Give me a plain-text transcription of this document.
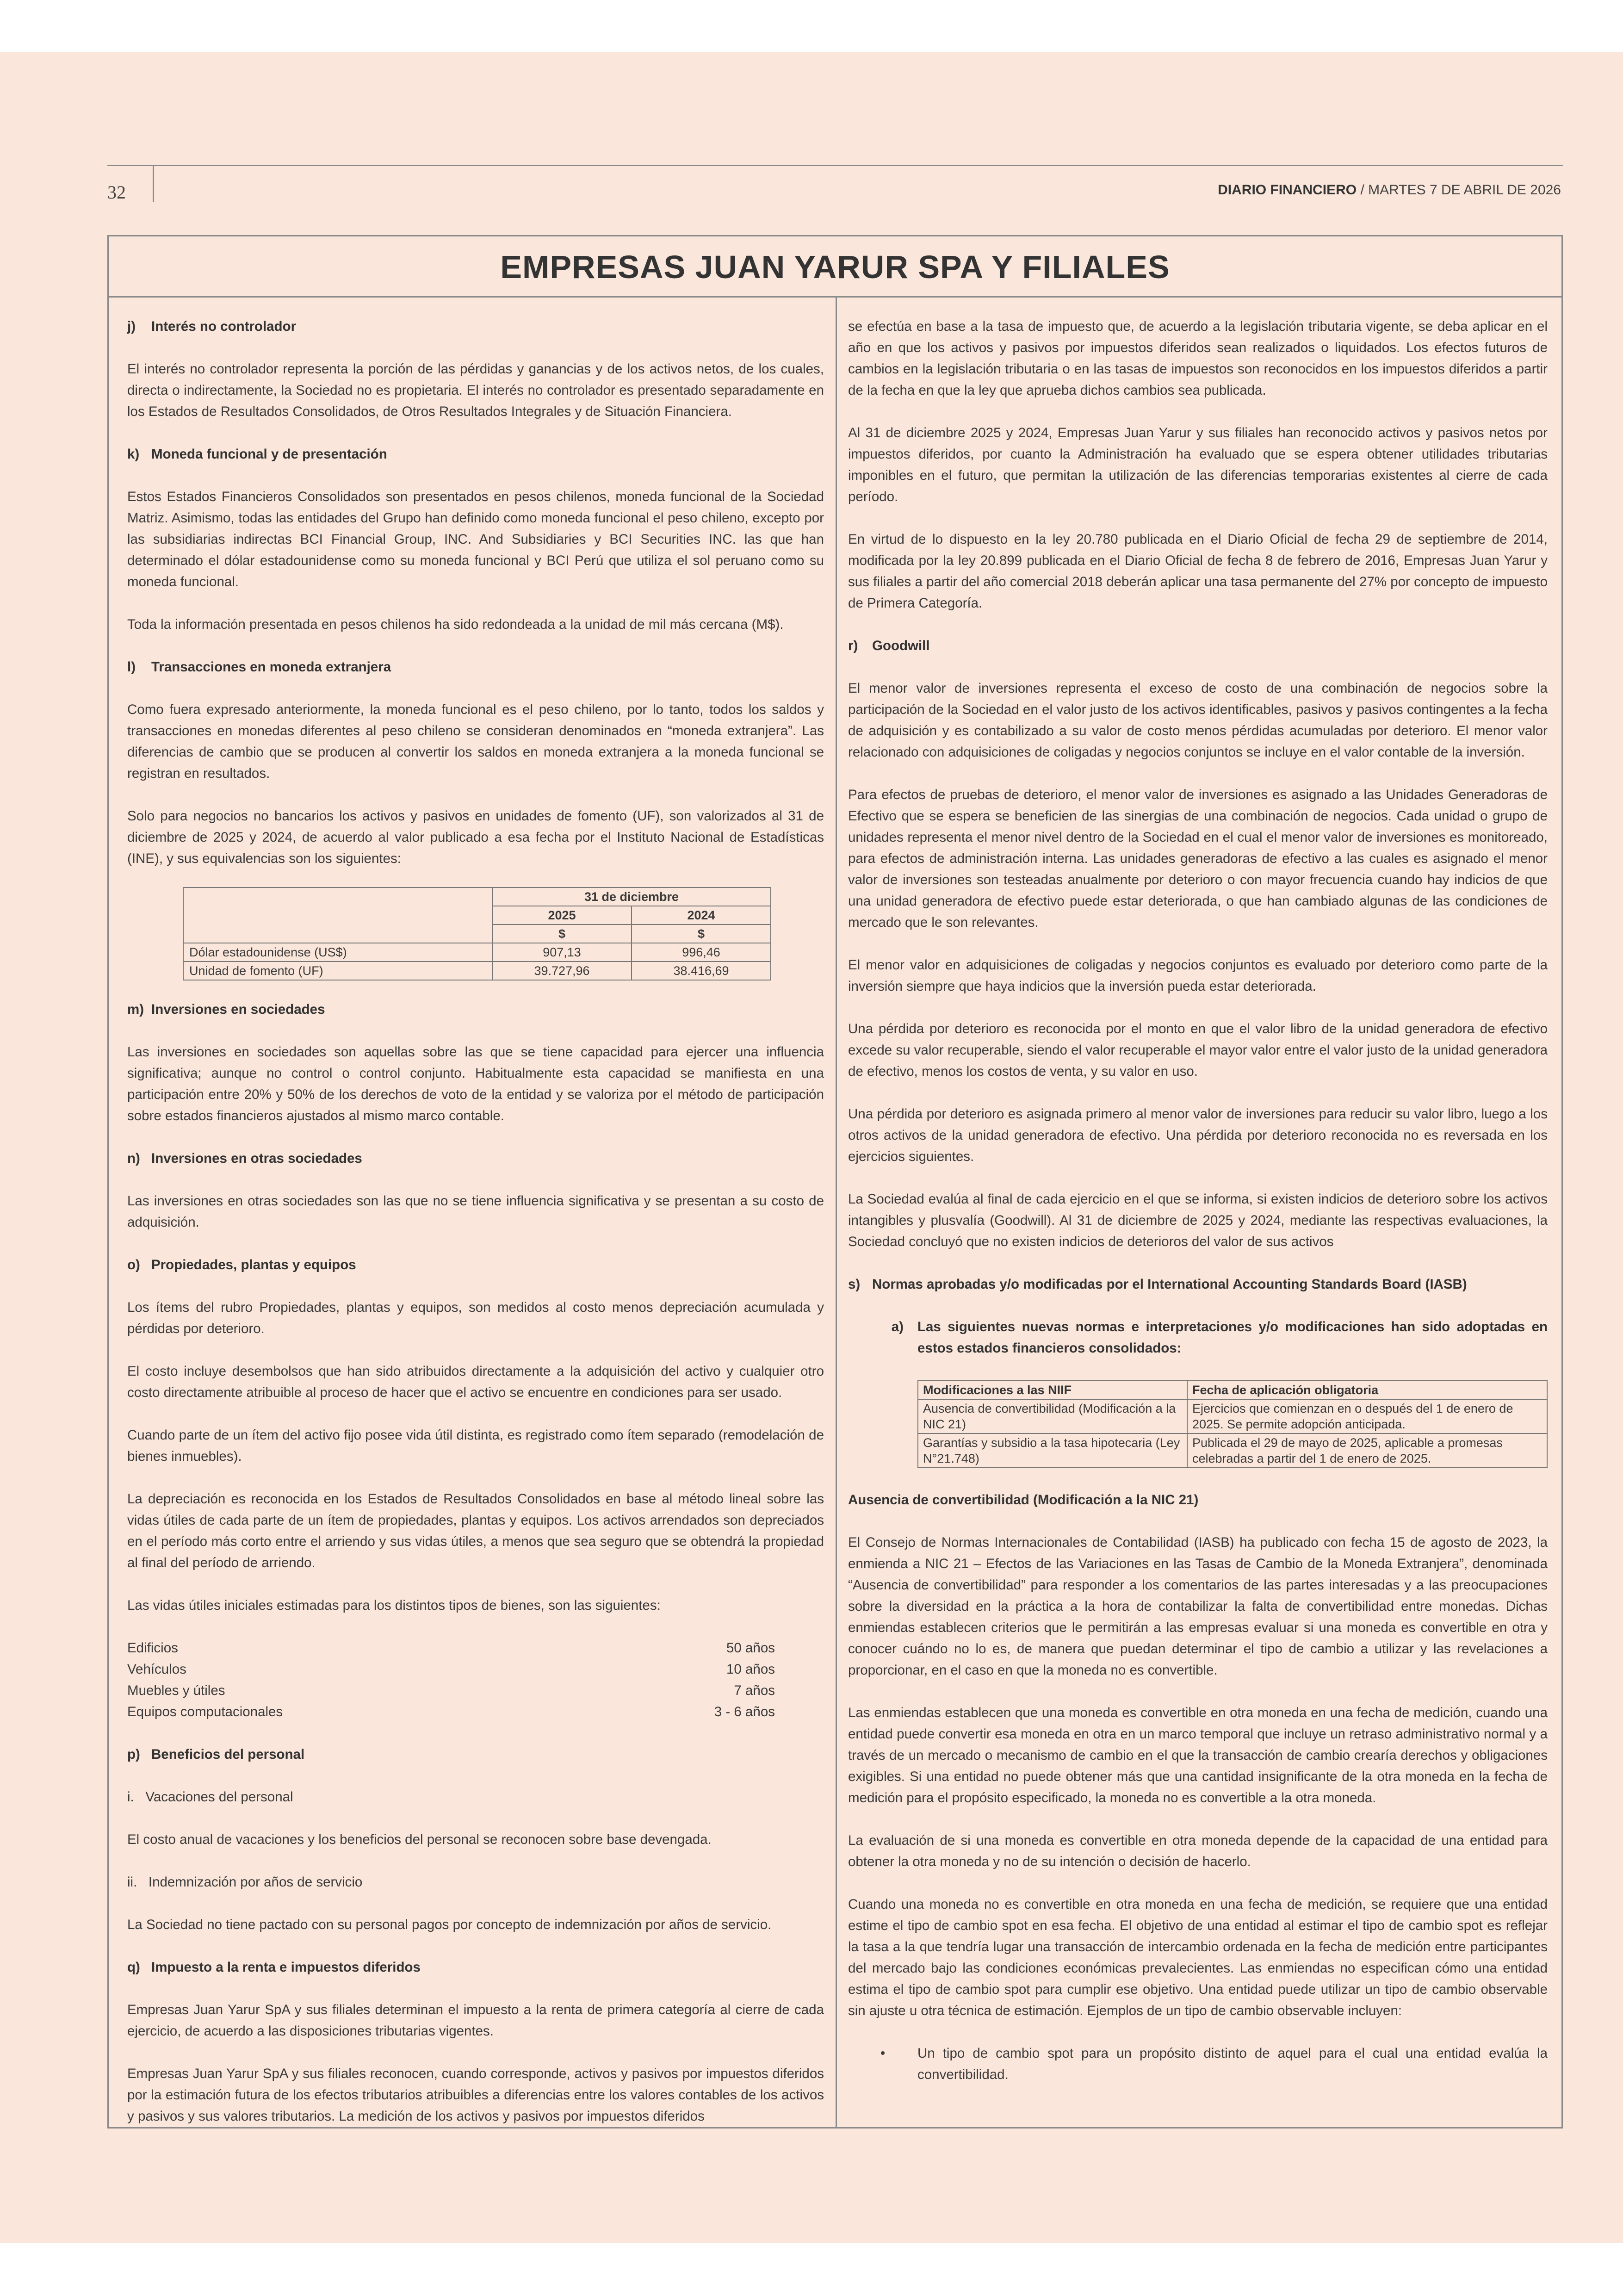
32	DIARIO FINANCIERO / MARTES 7 DE ABRIL DE 2026
EMPRESAS JUAN YARUR SPA Y FILIALES
j) Interés no controlador

El interés no controlador representa la porción de las pérdidas y ganancias y de los activos netos, de los cuales, directa o indirectamente, la Sociedad no es propietaria. El interés no controlador es presentado separadamente en los Estados de Resultados Consolidados, de Otros Resultados Integrales y de Situación Financiera.

k) Moneda funcional y de presentación

Estos Estados Financieros Consolidados son presentados en pesos chilenos, moneda funcional de la Sociedad Matriz. Asimismo, todas las entidades del Grupo han definido como moneda funcional el peso chileno, excepto por las subsidiarias indirectas BCI Financial Group, INC. And Subsidiaries y BCI Securities INC. las que han determinado el dólar estadounidense como su moneda funcional y BCI Perú que utiliza el sol peruano como su moneda funcional.

Toda la información presentada en pesos chilenos ha sido redondeada a la unidad de mil más cercana (M$).

l) Transacciones en moneda extranjera

Como fuera expresado anteriormente, la moneda funcional es el peso chileno, por lo tanto, todos los saldos y transacciones en monedas diferentes al peso chileno se consideran denominados en “moneda extranjera”. Las diferencias de cambio que se producen al convertir los saldos en moneda extranjera a la moneda funcional se registran en resultados.

Solo para negocios no bancarios los activos y pasivos en unidades de fomento (UF), son valorizados al 31 de diciembre de 2025 y 2024, de acuerdo al valor publicado a esa fecha por el Instituto Nacional de Estadísticas (INE), y sus equivalencias son los siguientes:

	31 de diciembre	
	2025	2024
	$	$
Dólar estadounidense (US$)	907,13	996,46
Unidad de fomento (UF)	39.727,96	38.416,69
m) Inversiones en sociedades

Las inversiones en sociedades son aquellas sobre las que se tiene capacidad para ejercer una influencia significativa; aunque no control o control conjunto. Habitualmente esta capacidad se manifiesta en una participación entre 20% y 50% de los derechos de voto de la entidad y se valoriza por el método de participación sobre estados financieros ajustados al mismo marco contable.

n) Inversiones en otras sociedades

Las inversiones en otras sociedades son las que no se tiene influencia significativa y se presentan a su costo de adquisición.

o) Propiedades, plantas y equipos

Los ítems del rubro Propiedades, plantas y equipos, son medidos al costo menos depreciación acumulada y pérdidas por deterioro.

El costo incluye desembolsos que han sido atribuidos directamente a la adquisición del activo y cualquier otro costo directamente atribuible al proceso de hacer que el activo se encuentre en condiciones para ser usado.

Cuando parte de un ítem del activo fijo posee vida útil distinta, es registrado como ítem separado (remodelación de bienes inmuebles).

La depreciación es reconocida en los Estados de Resultados Consolidados en base al método lineal sobre las vidas útiles de cada parte de un ítem de propiedades, plantas y equipos. Los activos arrendados son depreciados en el período más corto entre el arriendo y sus vidas útiles, a menos que sea seguro que se obtendrá la propiedad al final del período de arriendo.

Las vidas útiles iniciales estimadas para los distintos tipos de bienes, son las siguientes:

Edificios	50 años
Vehículos	10 años
Muebles y útiles	7 años
Equipos computacionales	3 - 6 años
p) Beneficios del personal

i.   Vacaciones del personal

El costo anual de vacaciones y los beneficios del personal se reconocen sobre base devengada.

ii.   Indemnización por años de servicio

La Sociedad no tiene pactado con su personal pagos por concepto de indemnización por años de servicio.

q) Impuesto a la renta e impuestos diferidos

Empresas Juan Yarur SpA y sus filiales determinan el impuesto a la renta de primera categoría al cierre de cada ejercicio, de acuerdo a las disposiciones tributarias vigentes.

Empresas Juan Yarur SpA y sus filiales reconocen, cuando corresponde, activos y pasivos por impuestos diferidos por la estimación futura de los efectos tributarios atribuibles a diferencias entre los valores contables de los activos y pasivos y sus valores tributarios. La medición de los activos y pasivos por impuestos diferidos

se efectúa en base a la tasa de impuesto que, de acuerdo a la legislación tributaria vigente, se deba aplicar en el año en que los activos y pasivos por impuestos diferidos sean realizados o liquidados. Los efectos futuros de cambios en la legislación tributaria o en las tasas de impuestos son reconocidos en los impuestos diferidos a partir de la fecha en que la ley que aprueba dichos cambios sea publicada.

Al 31 de diciembre 2025 y 2024, Empresas Juan Yarur y sus filiales han reconocido activos y pasivos netos por impuestos diferidos, por cuanto la Administración ha evaluado que se espera obtener utilidades tributarias imponibles en el futuro, que permitan la utilización de las diferencias temporarias existentes al cierre de cada período.

En virtud de lo dispuesto en la ley 20.780 publicada en el Diario Oficial de fecha 29 de septiembre de 2014, modificada por la ley 20.899 publicada en el Diario Oficial de fecha 8 de febrero de 2016, Empresas Juan Yarur y sus filiales a partir del año comercial 2018 deberán aplicar una tasa permanente del 27% por concepto de impuesto de Primera Categoría.

r) Goodwill

El menor valor de inversiones representa el exceso de costo de una combinación de negocios sobre la participación de la Sociedad en el valor justo de los activos identificables, pasivos y pasivos contingentes a la fecha de adquisición y es contabilizado a su valor de costo menos pérdidas acumuladas por deterioro. El menor valor relacionado con adquisiciones de coligadas y negocios conjuntos se incluye en el valor contable de la inversión.

Para efectos de pruebas de deterioro, el menor valor de inversiones es asignado a las Unidades Generadoras de Efectivo que se espera se beneficien de las sinergias de una combinación de negocios. Cada unidad o grupo de unidades representa el menor nivel dentro de la Sociedad en el cual el menor valor de inversiones es monitoreado, para efectos de administración interna. Las unidades generadoras de efectivo a las cuales es asignado el menor valor de inversiones son testeadas anualmente por deterioro o con mayor frecuencia cuando hay indicios de que una unidad generadora de efectivo puede estar deteriorada, o que han cambiado algunas de las condiciones de mercado que le son relevantes.

El menor valor en adquisiciones de coligadas y negocios conjuntos es evaluado por deterioro como parte de la inversión siempre que haya indicios que la inversión pueda estar deteriorada.

Una pérdida por deterioro es reconocida por el monto en que el valor libro de la unidad generadora de efectivo excede su valor recuperable, siendo el valor recuperable el mayor valor entre el valor justo de la unidad generadora de efectivo, menos los costos de venta, y su valor en uso.

Una pérdida por deterioro es asignada primero al menor valor de inversiones para reducir su valor libro, luego a los otros activos de la unidad generadora de efectivo. Una pérdida por deterioro reconocida no es reversada en los ejercicios siguientes.

La Sociedad evalúa al final de cada ejercicio en el que se informa, si existen indicios de deterioro sobre los activos intangibles y plusvalía (Goodwill). Al 31 de diciembre de 2025 y 2024, mediante las respectivas evaluaciones, la Sociedad concluyó que no existen indicios de deterioros del valor de sus activos

s) Normas aprobadas y/o modificadas por el International Accounting Standards Board (IASB)
a)	Las siguientes nuevas normas e interpretaciones y/o modificaciones han sido adoptadas en estos estados financieros consolidados:
Modificaciones a las NIIF	Fecha de aplicación obligatoria
Ausencia de convertibilidad (Modificación a la NIC 21)	Ejercicios que comienzan en o después del 1 de enero de 2025. Se permite adopción anticipada.
Garantías y subsidio a la tasa hipotecaria (Ley N°21.748)	Publicada el 29 de mayo de 2025, aplicable a promesas celebradas a partir del 1 de enero de 2025.
Ausencia de convertibilidad (Modificación a la NIC 21)

El Consejo de Normas Internacionales de Contabilidad (IASB) ha publicado con fecha 15 de agosto de 2023, la enmienda a NIC 21 – Efectos de las Variaciones en las Tasas de Cambio de la Moneda Extranjera”, denominada “Ausencia de convertibilidad” para responder a los comentarios de las partes interesadas y a las preocupaciones sobre la diversidad en la práctica a la hora de contabilizar la falta de convertibilidad entre monedas. Dichas enmiendas establecen criterios que le permitirán a las empresas evaluar si una moneda es convertible en otra y conocer cuándo no lo es, de manera que puedan determinar el tipo de cambio a utilizar y las revelaciones a proporcionar, en el caso en que la moneda no es convertible.

Las enmiendas establecen que una moneda es convertible en otra moneda en una fecha de medición, cuando una entidad puede convertir esa moneda en otra en un marco temporal que incluye un retraso administrativo normal y a través de un mercado o mecanismo de cambio en el que la transacción de cambio crearía derechos y obligaciones exigibles. Si una entidad no puede obtener más que una cantidad insignificante de la otra moneda en la fecha de medición para el propósito especificado, la moneda no es convertible a la otra moneda.

La evaluación de si una moneda es convertible en otra moneda depende de la capacidad de una entidad para obtener la otra moneda y no de su intención o decisión de hacerlo.

Cuando una moneda no es convertible en otra moneda en una fecha de medición, se requiere que una entidad estime el tipo de cambio spot en esa fecha. El objetivo de una entidad al estimar el tipo de cambio spot es reflejar la tasa a la que tendría lugar una transacción de intercambio ordenada en la fecha de medición entre participantes del mercado bajo las condiciones económicas prevalecientes. Las enmiendas no especifican cómo una entidad estima el tipo de cambio spot para cumplir ese objetivo. Una entidad puede utilizar un tipo de cambio observable sin ajuste u otra técnica de estimación. Ejemplos de un tipo de cambio observable incluyen:

•	Un tipo de cambio spot para un propósito distinto de aquel para el cual una entidad evalúa la convertibilidad.
